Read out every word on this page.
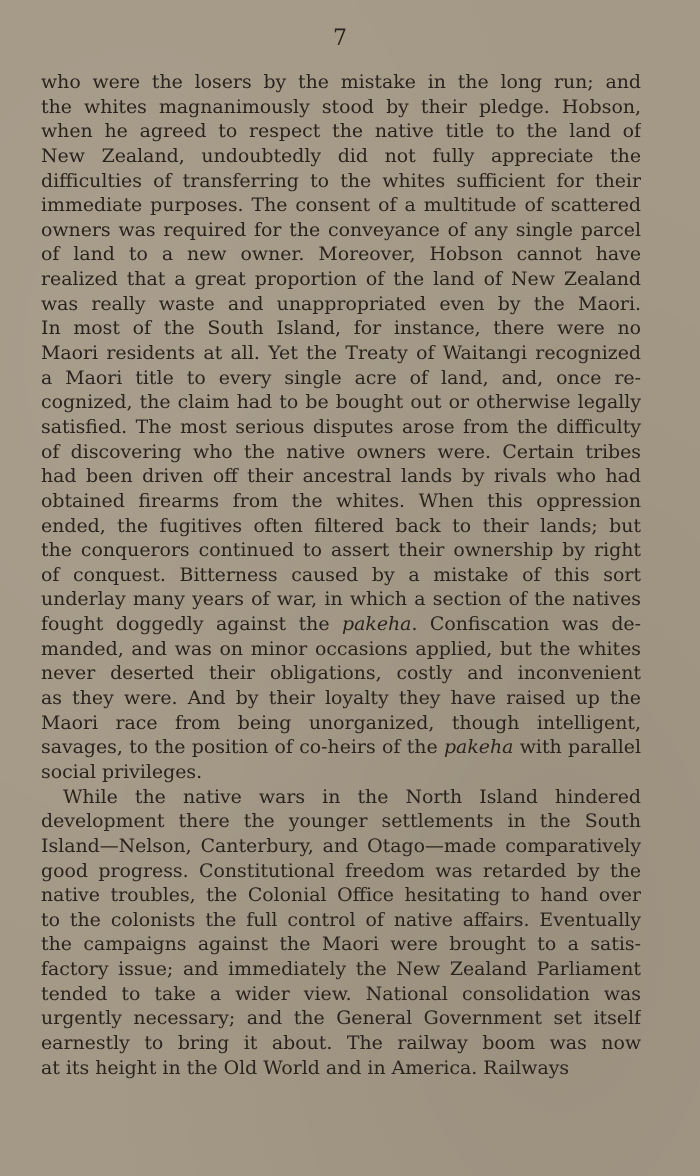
7
who were the losers by the mistake in the long run; and
the whites magnanimously stood by their pledge. Hobson,
when he agreed to respect the native title to the land of
New Zealand, undoubtedly did not fully appreciate the
difficulties of transferring to the whites sufficient for their
immediate purposes. The consent of a multitude of scattered
owners was required for the conveyance of any single parcel
of land to a new owner. Moreover, Hobson cannot have
realized that a great proportion of the land of New Zealand
was really waste and unappropriated even by the Maori.
In most of the South Island, for instance, there were no
Maori residents at all. Yet the Treaty of Waitangi recognized
a Maori title to every single acre of land, and, once re-
cognized, the claim had to be bought out or otherwise legally
satisfied. The most serious disputes arose from the difficulty
of discovering who the native owners were. Certain tribes
had been driven off their ancestral lands by rivals who had
obtained firearms from the whites. When this oppression
ended, the fugitives often filtered back to their lands; but
the conquerors continued to assert their ownership by right
of conquest. Bitterness caused by a mistake of this sort
underlay many years of war, in which a section of the natives
fought doggedly against the pakeha. Confiscation was de-
manded, and was on minor occasions applied, but the whites
never deserted their obligations, costly and inconvenient
as they were. And by their loyalty they have raised up the
Maori race from being unorganized, though intelligent,
savages, to the position of co-heirs of the pakeha with parallel
social privileges.
While the native wars in the North Island hindered
development there the younger settlements in the South
Island—Nelson, Canterbury, and Otago—made comparatively
good progress. Constitutional freedom was retarded by the
native troubles, the Colonial Office hesitating to hand over
to the colonists the full control of native affairs. Eventually
the campaigns against the Maori were brought to a satis-
factory issue; and immediately the New Zealand Parliament
tended to take a wider view. National consolidation was
urgently necessary; and the General Government set itself
earnestly to bring it about. The railway boom was now
at its height in the Old World and in America. Railways
